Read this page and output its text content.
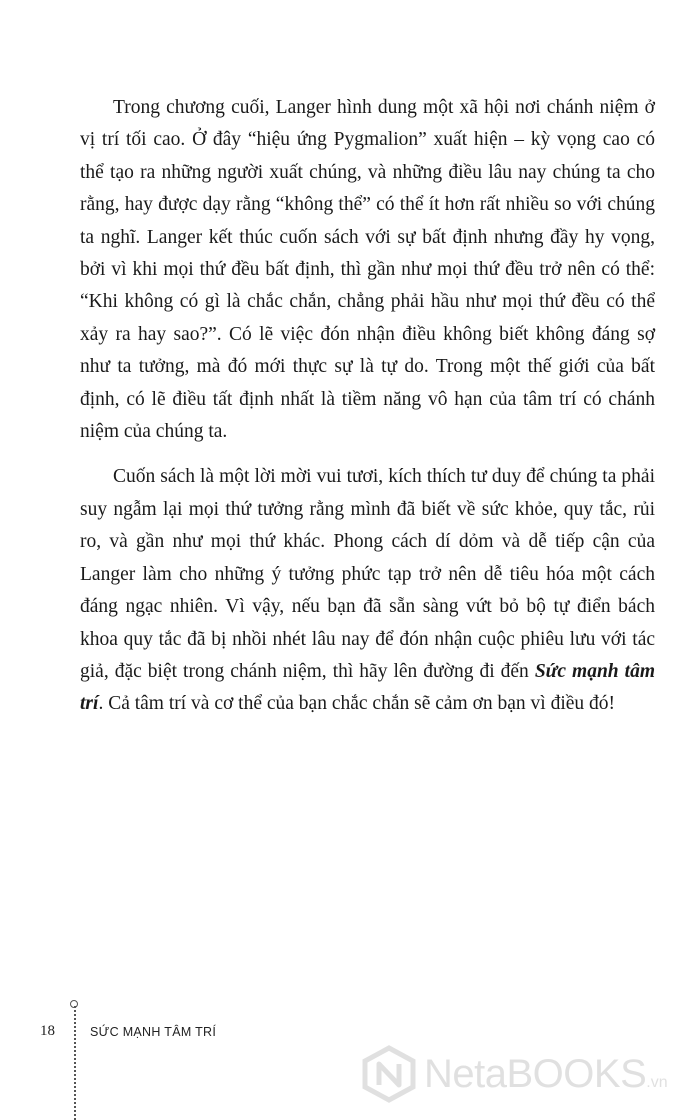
Trong chương cuối, Langer hình dung một xã hội nơi chánh niệm ở vị trí tối cao. Ở đây “hiệu ứng Pygmalion” xuất hiện – kỳ vọng cao có thể tạo ra những người xuất chúng, và những điều lâu nay chúng ta cho rằng, hay được dạy rằng “không thể” có thể ít hơn rất nhiều so với chúng ta nghĩ. Langer kết thúc cuốn sách với sự bất định nhưng đầy hy vọng, bởi vì khi mọi thứ đều bất định, thì gần như mọi thứ đều trở nên có thể: “Khi không có gì là chắc chắn, chẳng phải hầu như mọi thứ đều có thể xảy ra hay sao?”. Có lẽ việc đón nhận điều không biết không đáng sợ như ta tưởng, mà đó mới thực sự là tự do. Trong một thế giới của bất định, có lẽ điều tất định nhất là tiềm năng vô hạn của tâm trí có chánh niệm của chúng ta.

Cuốn sách là một lời mời vui tươi, kích thích tư duy để chúng ta phải suy ngẫm lại mọi thứ tưởng rằng mình đã biết về sức khỏe, quy tắc, rủi ro, và gần như mọi thứ khác. Phong cách dí dỏm và dễ tiếp cận của Langer làm cho những ý tưởng phức tạp trở nên dễ tiêu hóa một cách đáng ngạc nhiên. Vì vậy, nếu bạn đã sẵn sàng vứt bỏ bộ tự điển bách khoa quy tắc đã bị nhồi nhét lâu nay để đón nhận cuộc phiêu lưu với tác giả, đặc biệt trong chánh niệm, thì hãy lên đường đi đến Sức mạnh tâm trí. Cả tâm trí và cơ thể của bạn chắc chắn sẽ cảm ơn bạn vì điều đó!

18	SỨC MẠNH TÂM TRÍ
NetaBOOKS .vn
